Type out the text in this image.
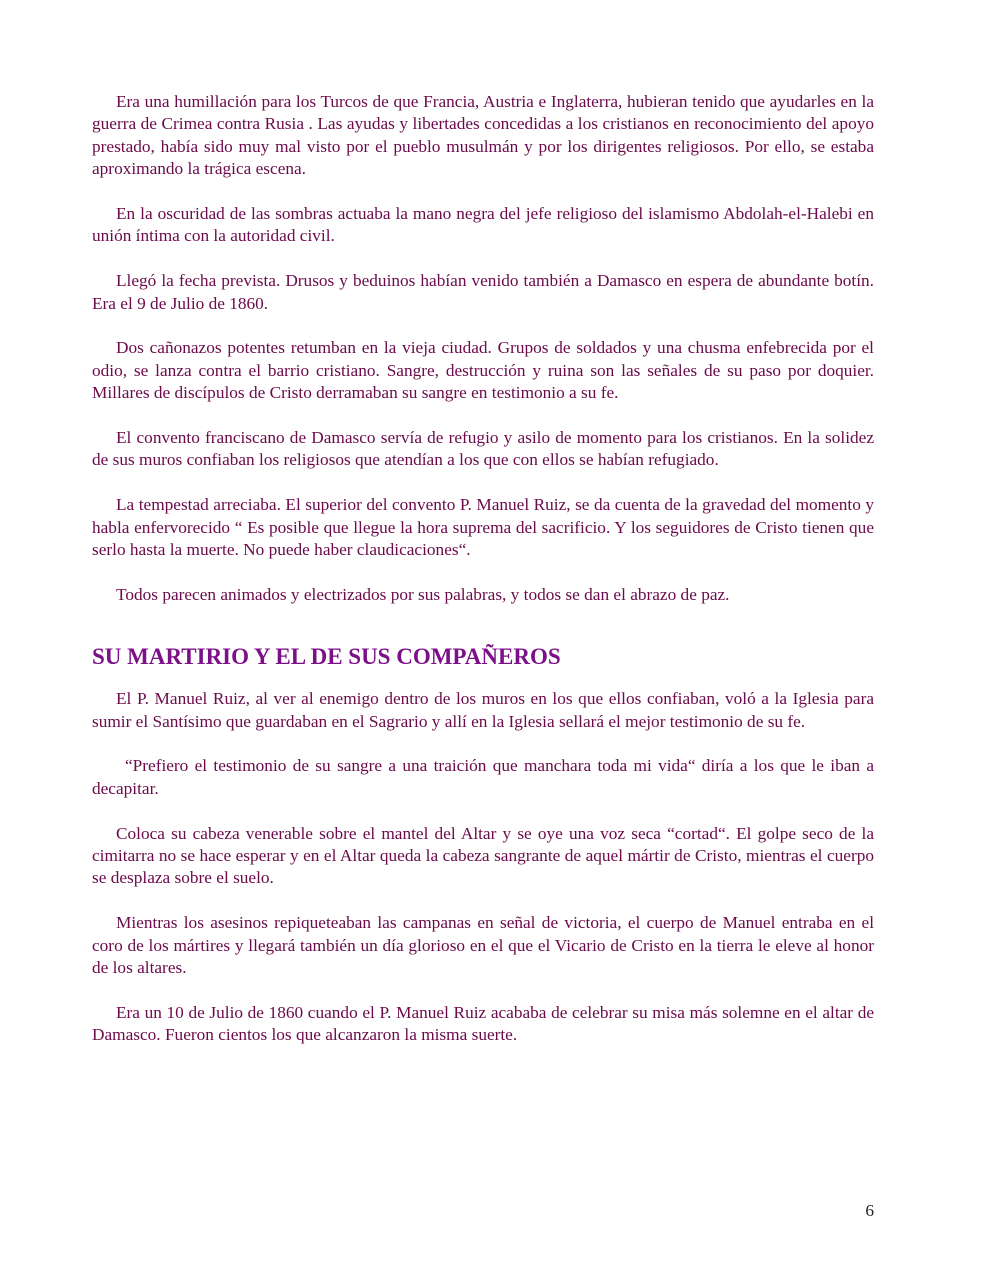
Era una humillación para los Turcos de que Francia, Austria e Inglaterra, hubieran tenido que ayudarles en la guerra de Crimea contra Rusia . Las ayudas y libertades concedidas a los cristianos en reconocimiento del apoyo prestado, había sido muy mal visto por el pueblo musulmán y por los dirigentes religiosos. Por ello, se estaba aproximando la trágica escena.

En la oscuridad de las sombras actuaba la mano negra del jefe religioso del islamismo Abdolah-el-Halebi en unión íntima con la autoridad civil.

Llegó la fecha prevista. Drusos y beduinos habían venido también a Damasco en espera de abundante botín. Era el 9 de Julio de 1860.

Dos cañonazos potentes retumban en la vieja ciudad. Grupos de soldados y una chusma enfebrecida por el odio, se lanza contra el barrio cristiano. Sangre, destrucción y ruina son las señales de su paso por doquier. Millares de discípulos de Cristo derramaban su sangre en testimonio a su fe.

El convento franciscano de Damasco servía de refugio y asilo de momento para los cristianos. En la solidez de sus muros confiaban los religiosos que atendían a los que con ellos se habían refugiado.

La tempestad arreciaba. El superior del convento P. Manuel Ruiz, se da cuenta de la gravedad del momento y habla enfervorecido “ Es posible que llegue la hora suprema del sacrificio. Y los seguidores de Cristo tienen que serlo hasta la muerte. No puede haber claudicaciones“.

Todos parecen animados y electrizados por sus palabras, y todos se dan el abrazo de paz.

SU MARTIRIO Y EL DE SUS COMPAÑEROS

El P. Manuel Ruiz, al ver al enemigo dentro de los muros en los que ellos confiaban, voló a la Iglesia para sumir el Santísimo que guardaban en el Sagrario y allí en la Iglesia sellará el mejor testimonio de su fe.

“Prefiero el testimonio de su sangre a una traición que manchara toda mi vida“ diría a los que le iban a decapitar.

Coloca su cabeza venerable sobre el mantel del Altar y se oye una voz seca “cortad“. El golpe seco de la cimitarra no se hace esperar y en el Altar queda la cabeza sangrante de aquel mártir de Cristo, mientras el cuerpo se desplaza sobre el suelo.

Mientras los asesinos repiqueteaban las campanas en señal de victoria, el cuerpo de Manuel entraba en el coro de los mártires y llegará también un día glorioso en el que el Vicario de Cristo en la tierra le eleve al honor de los altares.

Era un 10 de Julio de 1860 cuando el P. Manuel Ruiz acababa de celebrar su misa más solemne en el altar de Damasco. Fueron cientos los que alcanzaron la misma suerte.

6
